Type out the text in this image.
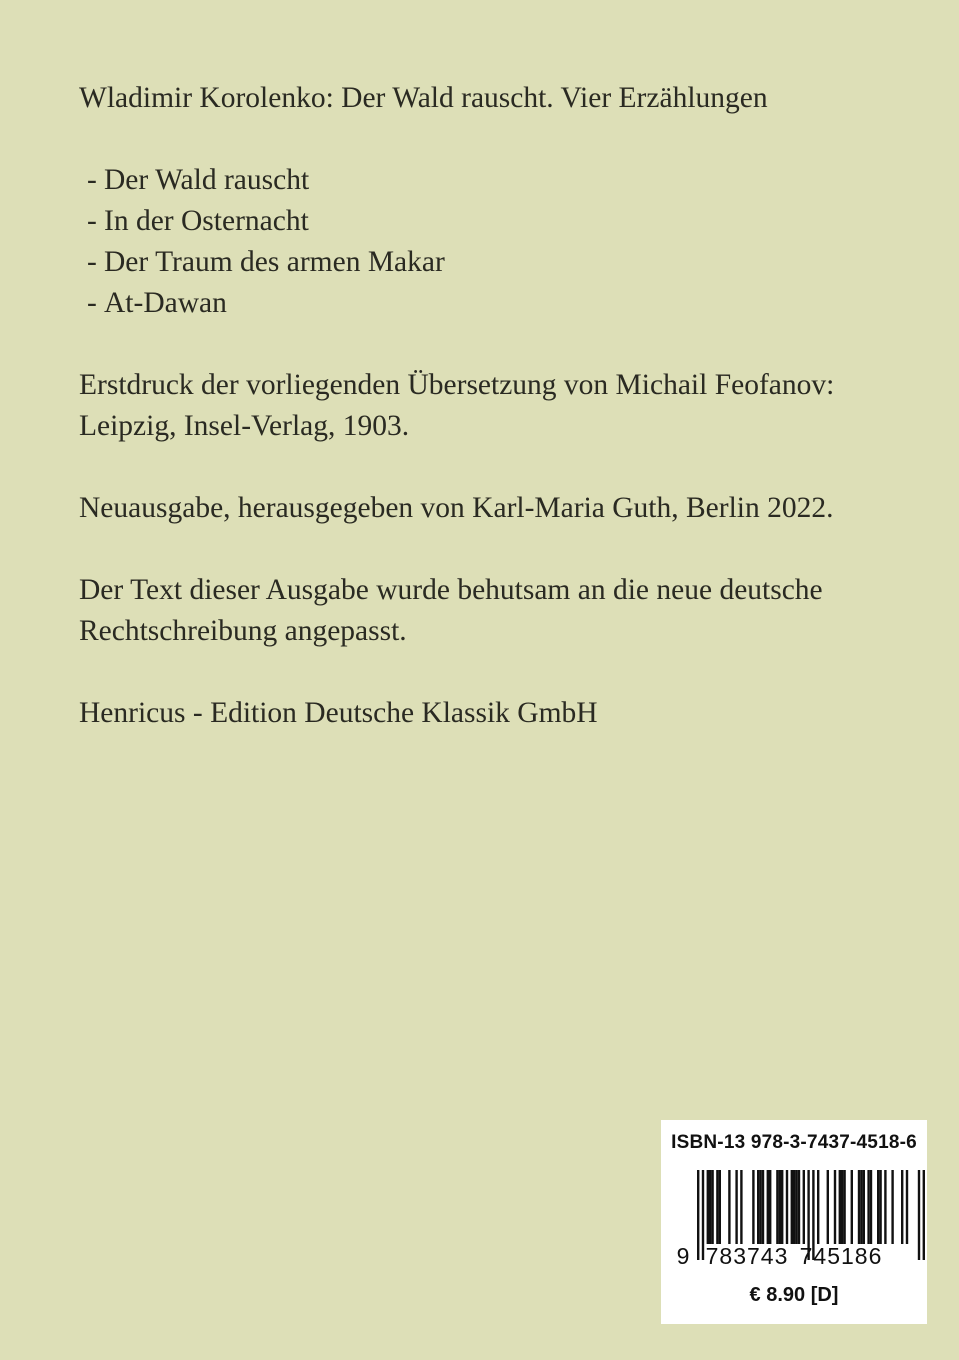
Wladimir Korolenko: Der Wald rauscht. Vier Erzählungen
- Der Wald rauscht
- In der Osternacht
- Der Traum des armen Makar
- At-Dawan

Erstdruck der vorliegenden Übersetzung von Michail Feofanov: Leipzig, Insel-Verlag, 1903.

Neuausgabe, herausgegeben von Karl-Maria Guth, Berlin 2022.

Der Text dieser Ausgabe wurde behutsam an die neue deutsche Rechtschreibung angepasst.

Henricus - Edition Deutsche Klassik GmbH

ISBN-13 978-3-7437-4518-6
9 783743 745186
€ 8.90 [D]
